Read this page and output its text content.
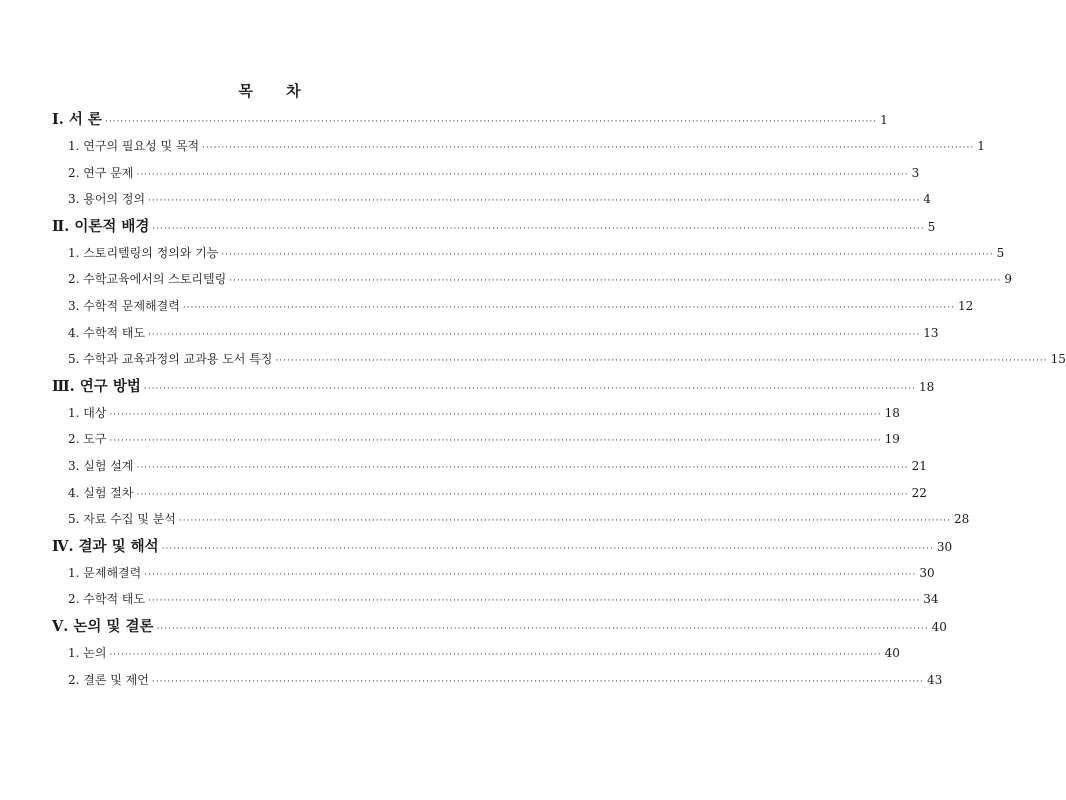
목 차
Ⅰ. 서 론 ········································································································································································································ 1
1. 연구의 필요성 및 목적 ········································································································································································································ 1
2. 연구 문제 ········································································································································································································ 3
3. 용어의 정의 ········································································································································································································ 4
Ⅱ. 이론적 배경 ········································································································································································································ 5
1. 스토리텔링의 정의와 기능 ········································································································································································································ 5
2. 수학교육에서의 스토리텔링 ········································································································································································································ 9
3. 수학적 문제해결력 ········································································································································································································ 12
4. 수학적 태도 ········································································································································································································ 13
5. 수학과 교육과정의 교과용 도서 특징 ········································································································································································································ 15
Ⅲ. 연구 방법 ········································································································································································································ 18
1. 대상 ········································································································································································································ 18
2. 도구 ········································································································································································································ 19
3. 실험 설계 ········································································································································································································ 21
4. 실험 절차 ········································································································································································································ 22
5. 자료 수집 및 분석 ········································································································································································································ 28
Ⅳ. 결과 및 해석 ········································································································································································································ 30
1. 문제해결력 ········································································································································································································ 30
2. 수학적 태도 ········································································································································································································ 34
Ⅴ. 논의 및 결론 ········································································································································································································ 40
1. 논의 ········································································································································································································ 40
2. 결론 및 제언 ········································································································································································································ 43
